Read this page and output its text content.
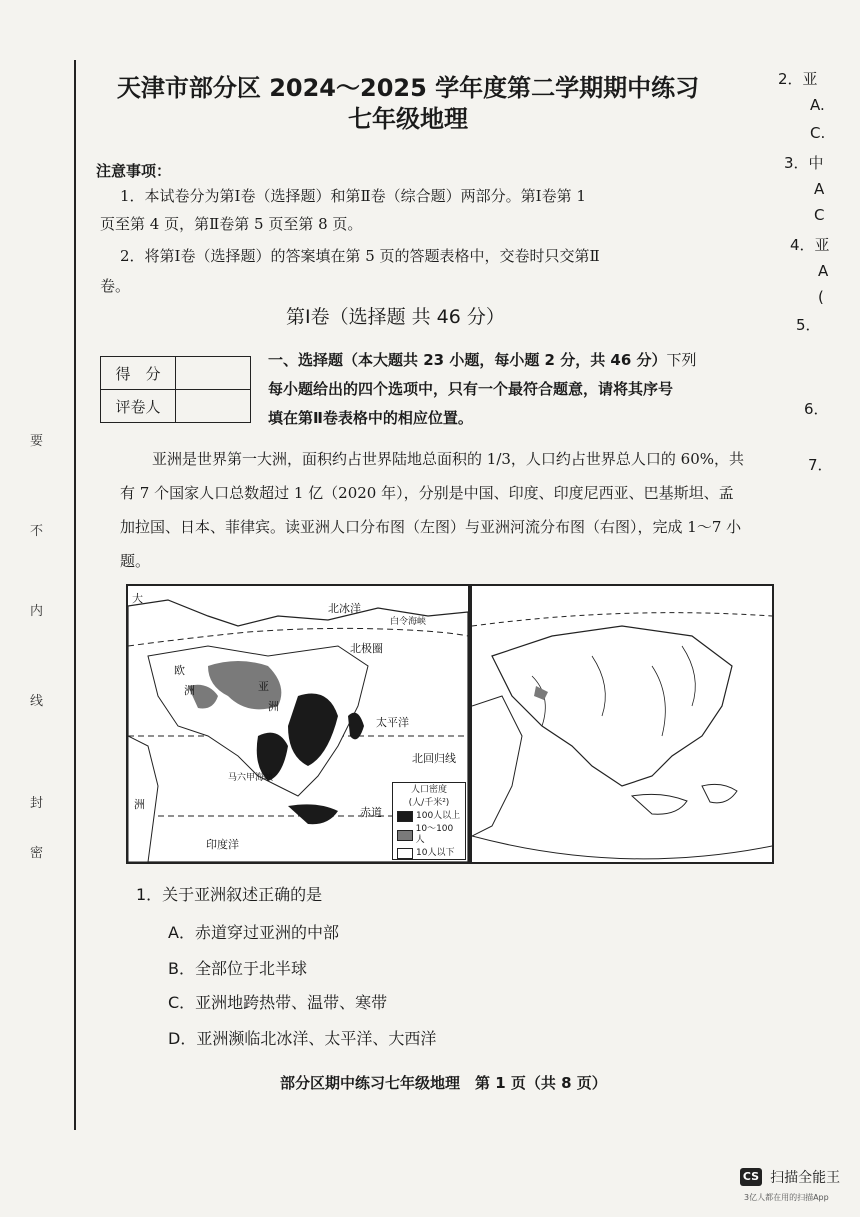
要
不
内
线
封
密
天津市部分区 2024～2025 学年度第二学期期中练习
七年级地理
注意事项：
1．本试卷分为第Ⅰ卷（选择题）和第Ⅱ卷（综合题）两部分。第Ⅰ卷第 1
页至第 4 页，第Ⅱ卷第 5 页至第 8 页。
2．将第Ⅰ卷（选择题）的答案填在第 5 页的答题表格中，交卷时只交第Ⅱ
卷。
第Ⅰ卷（选择题 共 46 分）
得　分	
评卷人	
一、选择题（本大题共 23 小题，每小题 2 分，共 46 分）下列
每小题给出的四个选项中，只有一个最符合题意，请将其序号
填在第Ⅱ卷表格中的相应位置。
亚洲是世界第一大洲，面积约占世界陆地总面积的 1/3，人口约占世界总人口的 60%，共有 7 个国家人口总数超过 1 亿（2020 年），分别是中国、印度、印度尼西亚、巴基斯坦、孟加拉国、日本、菲律宾。读亚洲人口分布图（左图）与亚洲河流分布图（右图），完成 1～7 小题。
大
北冰洋
白令海峡
北极圈
欧
洲	亚
洲
太平洋
北回归线
洲
马六甲海峡
赤道
印度洋
人口密度
(人/千米²)
100人以上
10～100人
10人以下
1．关于亚洲叙述正确的是
A．赤道穿过亚洲的中部
B．全部位于北半球
C．亚洲地跨热带、温带、寒带
D．亚洲濒临北冰洋、太平洋、大西洋
部分区期中练习七年级地理　第 1 页（共 8 页）
2．亚
A.
C.
3．中
A
C
4．亚
A
(
5．
6．
7．
CS 扫描全能王
3亿人都在用的扫描App
